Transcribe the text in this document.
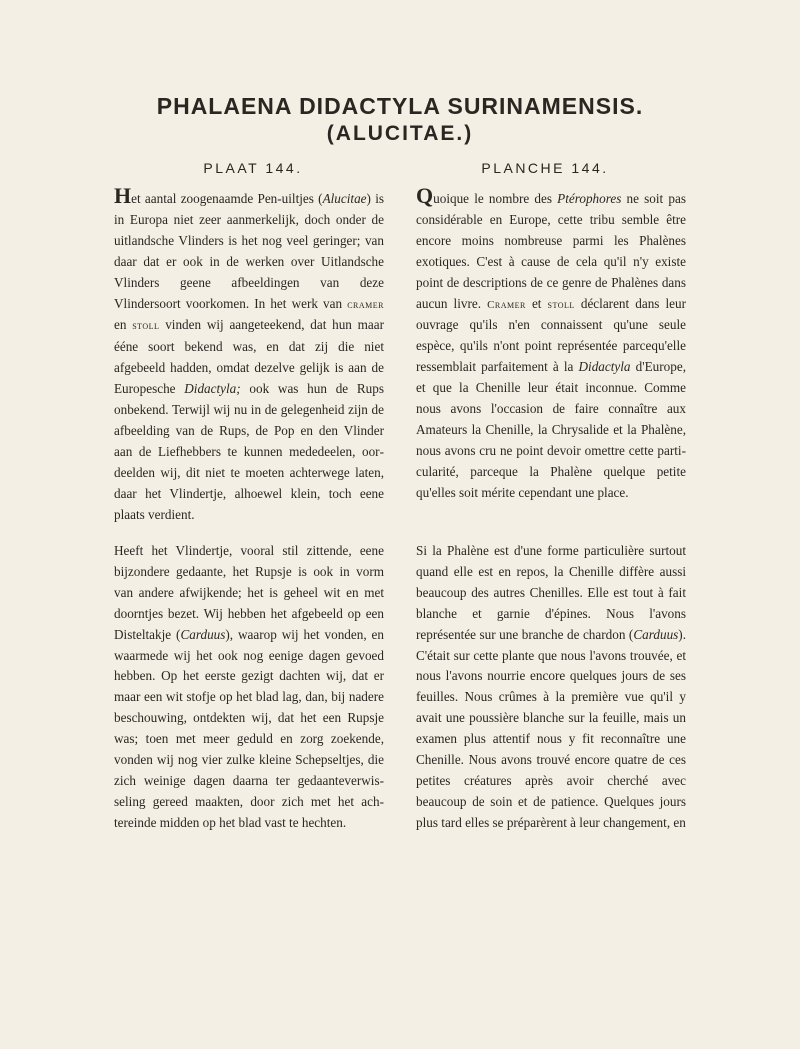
PHALAENA DIDACTYLA SURINAMENSIS.
(ALUCITAE.)
PLAAT 144.	PLANCHE 144.

Het aantal zoogenaamde Pen-uiltjes (Alucitae) is in Europa niet zeer aanmerkelijk, doch onder de uitlandsche Vlinders is het nog veel geringer; van daar dat er ook in de werken over Uitlandsche Vlinders geene afbeeldingen van deze Vlindersoort voorkomen. In het werk van cramer en stoll vinden wij aangeteekend, dat hun maar ééne soort bekend was, en dat zij die niet afgebeeld hadden, omdat dezelve gelijk is aan de Europesche Didactyla; ook was hun de Rups onbekend. Terwijl wij nu in de gelegenheid zijn de afbeelding van de Rups, de Pop en den Vlinder aan de Liefhebbers te kunnen mededeelen, oordeelden wij, dit niet te moeten achterwege laten, daar het Vlindertje, alhoewel klein, toch eene plaats verdient.

Heeft het Vlindertje, vooral stil zittende, eene bijzondere gedaante, het Rupsje is ook in vorm van andere afwijkende; het is geheel wit en met doorntjes bezet. Wij hebben het afgebeeld op een Disteltakje (Carduus), waarop wij het vonden, en waarmede wij het ook nog eenige dagen gevoed hebben. Op het eerste gezigt dachten wij, dat er maar een wit stofje op het blad lag, dan, bij nadere beschouwing, ontdekten wij, dat het een Rupsje was; toen met meer geduld en zorg zoekende, vonden wij nog vier zulke kleine Schepseltjes, die zich weinige dagen daarna ter gedaanteverwisseling gereed maakten, door zich met het achtereinde midden op het blad vast te hechten.

Quoique le nombre des Ptérophores ne soit pas considérable en Europe, cette tribu semble être encore moins nombreuse parmi les Phalènes exotiques. C'est à cause de cela qu'il n'y existe point de descriptions de ce genre de Phalènes dans aucun livre. Cramer et stoll déclarent dans leur ouvrage qu'ils n'en connaissent qu'une seule espèce, qu'ils n'ont point représentée parcequ'elle ressemblait parfaitement à la Didactyla d'Europe, et que la Chenille leur était inconnue. Comme nous avons l'occasion de faire connaître aux Amateurs la Chenille, la Chrysalide et la Phalène, nous avons cru ne point devoir omettre cette particularité, parceque la Phalène quelque petite qu'elles soit mérite cependant une place.

Si la Phalène est d'une forme particulière surtout quand elle est en repos, la Chenille diffère aussi beaucoup des autres Chenilles. Elle est tout à fait blanche et garnie d'épines. Nous l'avons représentée sur une branche de chardon (Carduus). C'était sur cette plante que nous l'avons trouvée, et nous l'avons nourrie encore quelques jours de ses feuilles. Nous crûmes à la première vue qu'il y avait une poussière blanche sur la feuille, mais un examen plus attentif nous y fit reconnaître une Chenille. Nous avons trouvé encore quatre de ces petites créatures après avoir cherché avec beaucoup de soin et de patience. Quelques jours plus tard elles se préparèrent à leur changement, en
